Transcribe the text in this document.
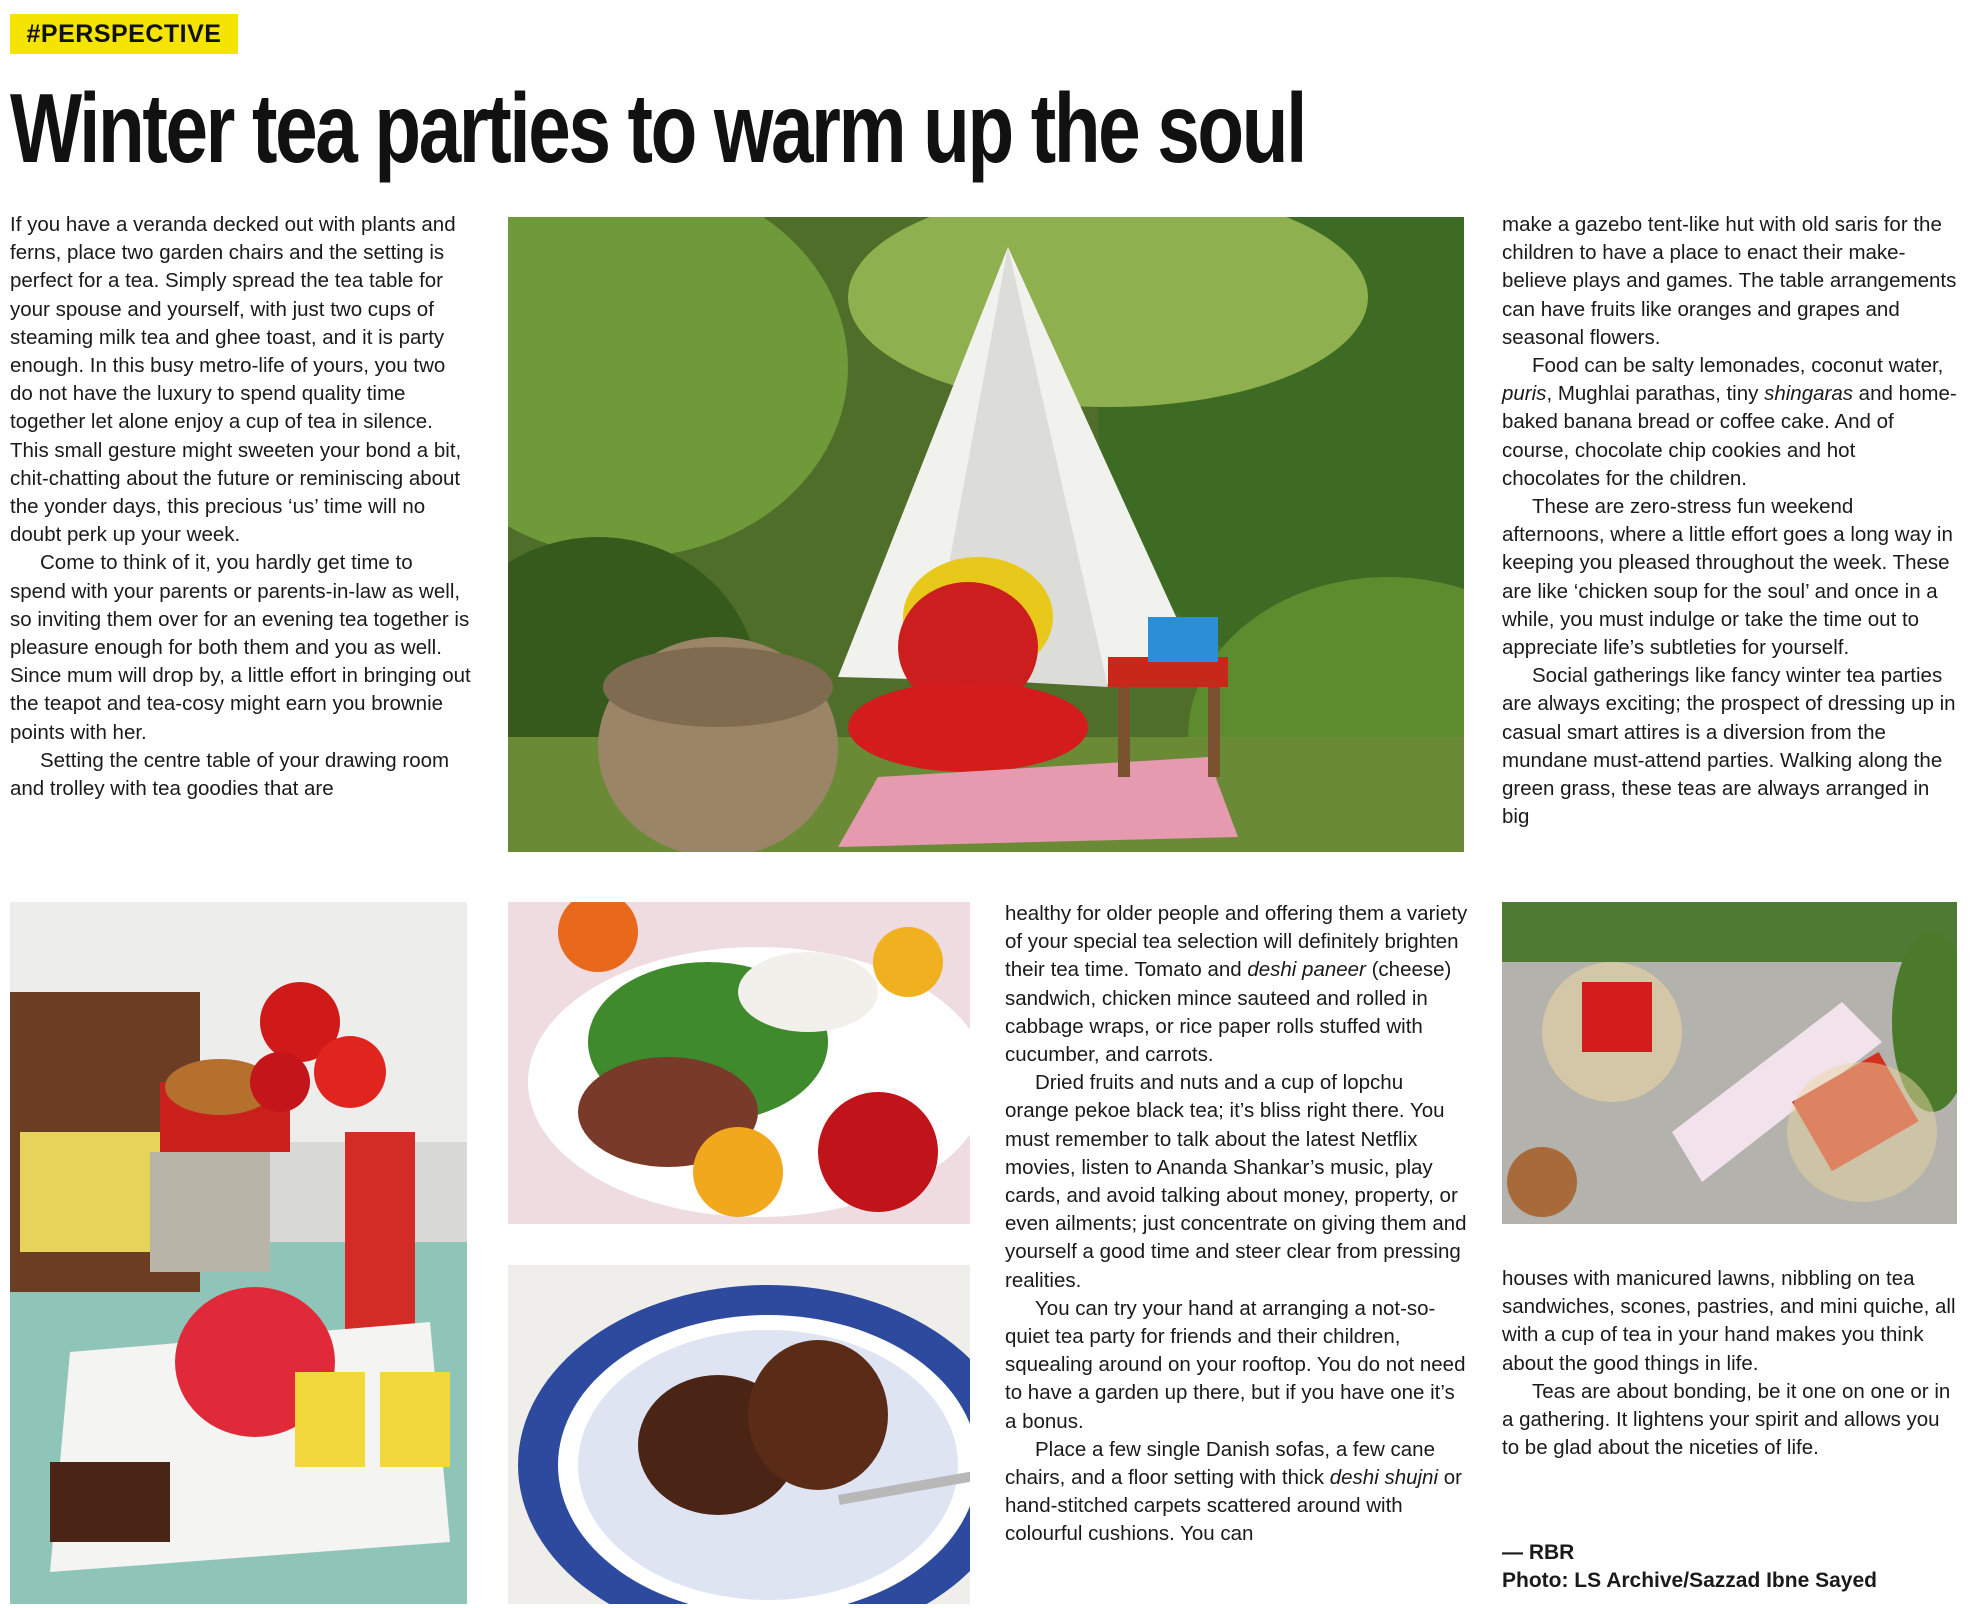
#PERSPECTIVE
Winter tea parties to warm up the soul

If you have a veranda decked out with plants and ferns, place two garden chairs and the setting is perfect for a tea. Simply spread the tea table for your spouse and yourself, with just two cups of steaming milk tea and ghee toast, and it is party enough. In this busy metro-life of yours, you two do not have the luxury to spend quality time together let alone enjoy a cup of tea in silence. This small gesture might sweeten your bond a bit, chit-chatting about the future or reminiscing about the yonder days, this precious ‘us’ time will no doubt perk up your week.

Come to think of it, you hardly get time to spend with your parents or parents-in-law as well, so inviting them over for an evening tea together is pleasure enough for both them and you as well. Since mum will drop by, a little effort in bringing out the teapot and tea-cosy might earn you brownie points with her.

Setting the centre table of your drawing room and trolley with tea goodies that are

make a gazebo tent-like hut with old saris for the children to have a place to enact their make-believe plays and games. The table arrangements can have fruits like oranges and grapes and seasonal flowers.

Food can be salty lemonades, coconut water, puris, Mughlai parathas, tiny shingaras and home-baked banana bread or coffee cake. And of course, chocolate chip cookies and hot chocolates for the children.

These are zero-stress fun weekend afternoons, where a little effort goes a long way in keeping you pleased throughout the week. These are like ‘chicken soup for the soul’ and once in a while, you must indulge or take the time out to appreciate life’s subtleties for yourself.

Social gatherings like fancy winter tea parties are always exciting; the prospect of dressing up in casual smart attires is a diversion from the mundane must-attend parties. Walking along the green grass, these teas are always arranged in big

healthy for older people and offering them a variety of your special tea selection will definitely brighten their tea time. Tomato and deshi paneer (cheese) sandwich, chicken mince sauteed and rolled in cabbage wraps, or rice paper rolls stuffed with cucumber, and carrots.

Dried fruits and nuts and a cup of lopchu orange pekoe black tea; it’s bliss right there. You must remember to talk about the latest Netflix movies, listen to Ananda Shankar’s music, play cards, and avoid talking about money, property, or even ailments; just concentrate on giving them and yourself a good time and steer clear from pressing realities.

You can try your hand at arranging a not-so-quiet tea party for friends and their children, squealing around on your rooftop. You do not need to have a garden up there, but if you have one it’s a bonus.

Place a few single Danish sofas, a few cane chairs, and a floor setting with thick deshi shujni or hand-stitched carpets scattered around with colourful cushions. You can

houses with manicured lawns, nibbling on tea sandwiches, scones, pastries, and mini quiche, all with a cup of tea in your hand makes you think about the good things in life.

Teas are about bonding, be it one on one or in a gathering. It lightens your spirit and allows you to be glad about the niceties of life.

— RBR
Photo: LS Archive/Sazzad Ibne Sayed
